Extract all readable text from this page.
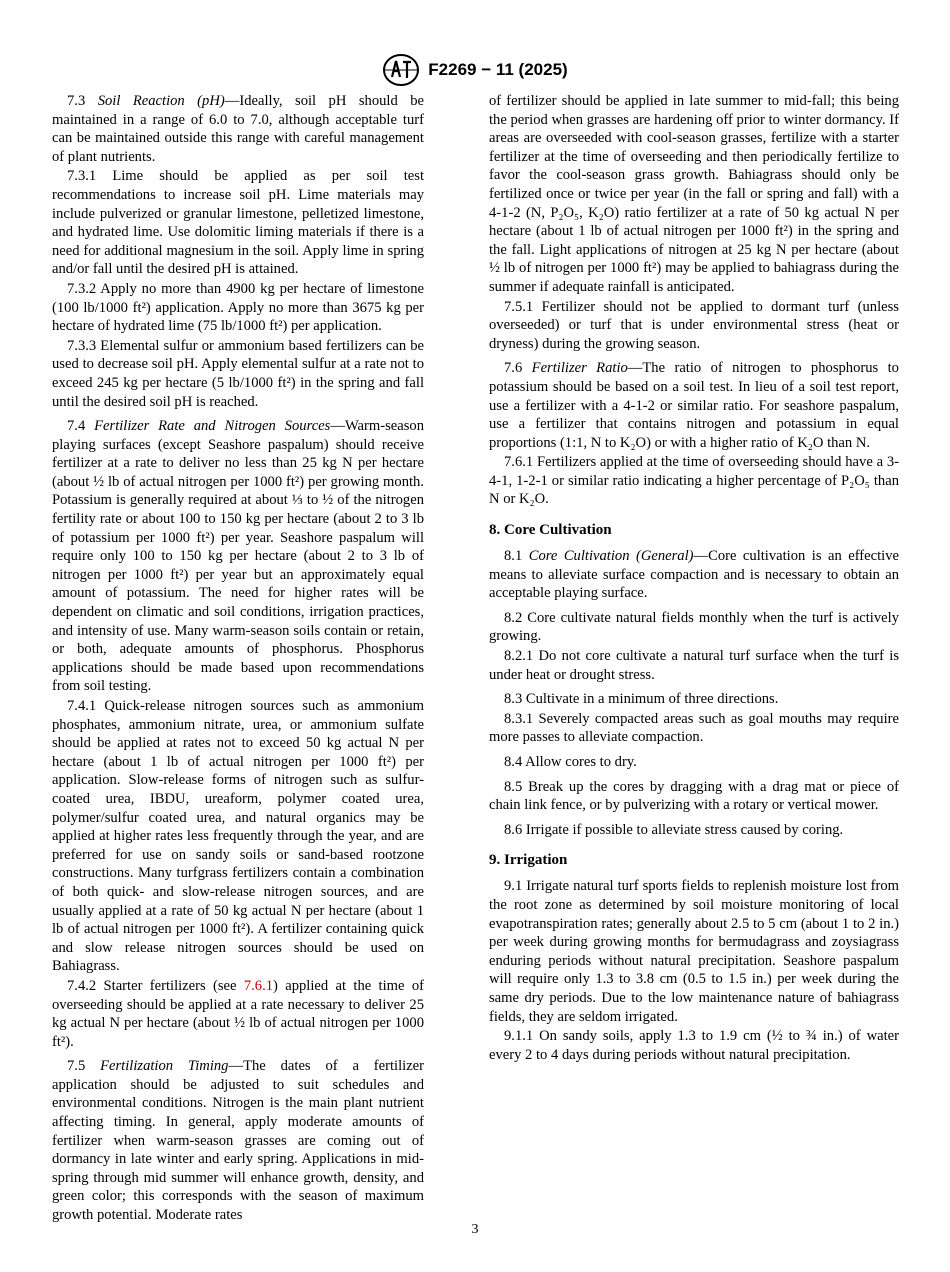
F2269 − 11 (2025)

7.3 Soil Reaction (pH)—Ideally, soil pH should be maintained in a range of 6.0 to 7.0, although acceptable turf can be maintained outside this range with careful management of plant nutrients.

7.3.1 Lime should be applied as per soil test recommendations to increase soil pH. Lime materials may include pulverized or granular limestone, pelletized limestone, and hydrated lime. Use dolomitic liming materials if there is a need for additional magnesium in the soil. Apply lime in spring and/or fall until the desired pH is attained.

7.3.2 Apply no more than 4900 kg per hectare of limestone (100 lb/1000 ft²) application. Apply no more than 3675 kg per hectare of hydrated lime (75 lb/1000 ft²) per application.

7.3.3 Elemental sulfur or ammonium based fertilizers can be used to decrease soil pH. Apply elemental sulfur at a rate not to exceed 245 kg per hectare (5 lb/1000 ft²) in the spring and fall until the desired soil pH is reached.

7.4 Fertilizer Rate and Nitrogen Sources—Warm-season playing surfaces (except Seashore paspalum) should receive fertilizer at a rate to deliver no less than 25 kg N per hectare (about ½ lb of actual nitrogen per 1000 ft²) per growing month. Potassium is generally required at about ⅓ to ½ of the nitrogen fertility rate or about 100 to 150 kg per hectare (about 2 to 3 lb of potassium per 1000 ft²) per year. Seashore paspalum will require only 100 to 150 kg per hectare (about 2 to 3 lb of nitrogen per 1000 ft²) per year but an approximately equal amount of potassium. The need for higher rates will be dependent on climatic and soil conditions, irrigation practices, and intensity of use. Many warm-season soils contain or retain, or both, adequate amounts of phosphorus. Phosphorus applications should be made based upon recommendations from soil testing.

7.4.1 Quick-release nitrogen sources such as ammonium phosphates, ammonium nitrate, urea, or ammonium sulfate should be applied at rates not to exceed 50 kg actual N per hectare (about 1 lb of actual nitrogen per 1000 ft²) per application. Slow-release forms of nitrogen such as sulfur-coated urea, IBDU, ureaform, polymer coated urea, polymer/sulfur coated urea, and natural organics may be applied at higher rates less frequently through the year, and are preferred for use on sandy soils or sand-based rootzone constructions. Many turfgrass fertilizers contain a combination of both quick- and slow-release nitrogen sources, and are usually applied at a rate of 50 kg actual N per hectare (about 1 lb of actual nitrogen per 1000 ft²). A fertilizer containing quick and slow release nitrogen sources should be used on Bahiagrass.

7.4.2 Starter fertilizers (see 7.6.1) applied at the time of overseeding should be applied at a rate necessary to deliver 25 kg actual N per hectare (about ½ lb of actual nitrogen per 1000 ft²).

7.5 Fertilization Timing—The dates of a fertilizer application should be adjusted to suit schedules and environmental conditions. Nitrogen is the main plant nutrient affecting timing. In general, apply moderate amounts of fertilizer when warm-season grasses are coming out of dormancy in late winter and early spring. Applications in mid-spring through mid summer will enhance growth, density, and green color; this corresponds with the season of maximum growth potential. Moderate rates

of fertilizer should be applied in late summer to mid-fall; this being the period when grasses are hardening off prior to winter dormancy. If areas are overseeded with cool-season grasses, fertilize with a starter fertilizer at the time of overseeding and then periodically fertilize to favor the cool-season grass growth. Bahiagrass should only be fertilized once or twice per year (in the fall or spring and fall) with a 4-1-2 (N, P₂O₅, K₂O) ratio fertilizer at a rate of 50 kg actual N per hectare (about 1 lb of actual nitrogen per 1000 ft²) in the spring and the fall. Light applications of nitrogen at 25 kg N per hectare (about ½ lb of nitrogen per 1000 ft²) may be applied to bahiagrass during the summer if adequate rainfall is anticipated.

7.5.1 Fertilizer should not be applied to dormant turf (unless overseeded) or turf that is under environmental stress (heat or dryness) during the growing season.

7.6 Fertilizer Ratio—The ratio of nitrogen to phosphorus to potassium should be based on a soil test. In lieu of a soil test report, use a fertilizer with a 4-1-2 or similar ratio. For seashore paspalum, use a fertilizer that contains nitrogen and potassium in equal proportions (1:1, N to K₂O) or with a higher ratio of K₂O than N.

7.6.1 Fertilizers applied at the time of overseeding should have a 3-4-1, 1-2-1 or similar ratio indicating a higher percentage of P₂O₅ than N or K₂O.

8. Core Cultivation

8.1 Core Cultivation (General)—Core cultivation is an effective means to alleviate surface compaction and is necessary to obtain an acceptable playing surface.

8.2 Core cultivate natural fields monthly when the turf is actively growing.

8.2.1 Do not core cultivate a natural turf surface when the turf is under heat or drought stress.

8.3 Cultivate in a minimum of three directions.

8.3.1 Severely compacted areas such as goal mouths may require more passes to alleviate compaction.

8.4 Allow cores to dry.

8.5 Break up the cores by dragging with a drag mat or piece of chain link fence, or by pulverizing with a rotary or vertical mower.

8.6 Irrigate if possible to alleviate stress caused by coring.

9. Irrigation

9.1 Irrigate natural turf sports fields to replenish moisture lost from the root zone as determined by soil moisture monitoring of local evapotranspiration rates; generally about 2.5 to 5 cm (about 1 to 2 in.) per week during growing months for bermudagrass and zoysiagrass enduring periods without natural precipitation. Seashore paspalum will require only 1.3 to 3.8 cm (0.5 to 1.5 in.) per week during the same dry periods. Due to the low maintenance nature of bahiagrass fields, they are seldom irrigated.

9.1.1 On sandy soils, apply 1.3 to 1.9 cm (½ to ¾ in.) of water every 2 to 4 days during periods without natural precipitation.

3
